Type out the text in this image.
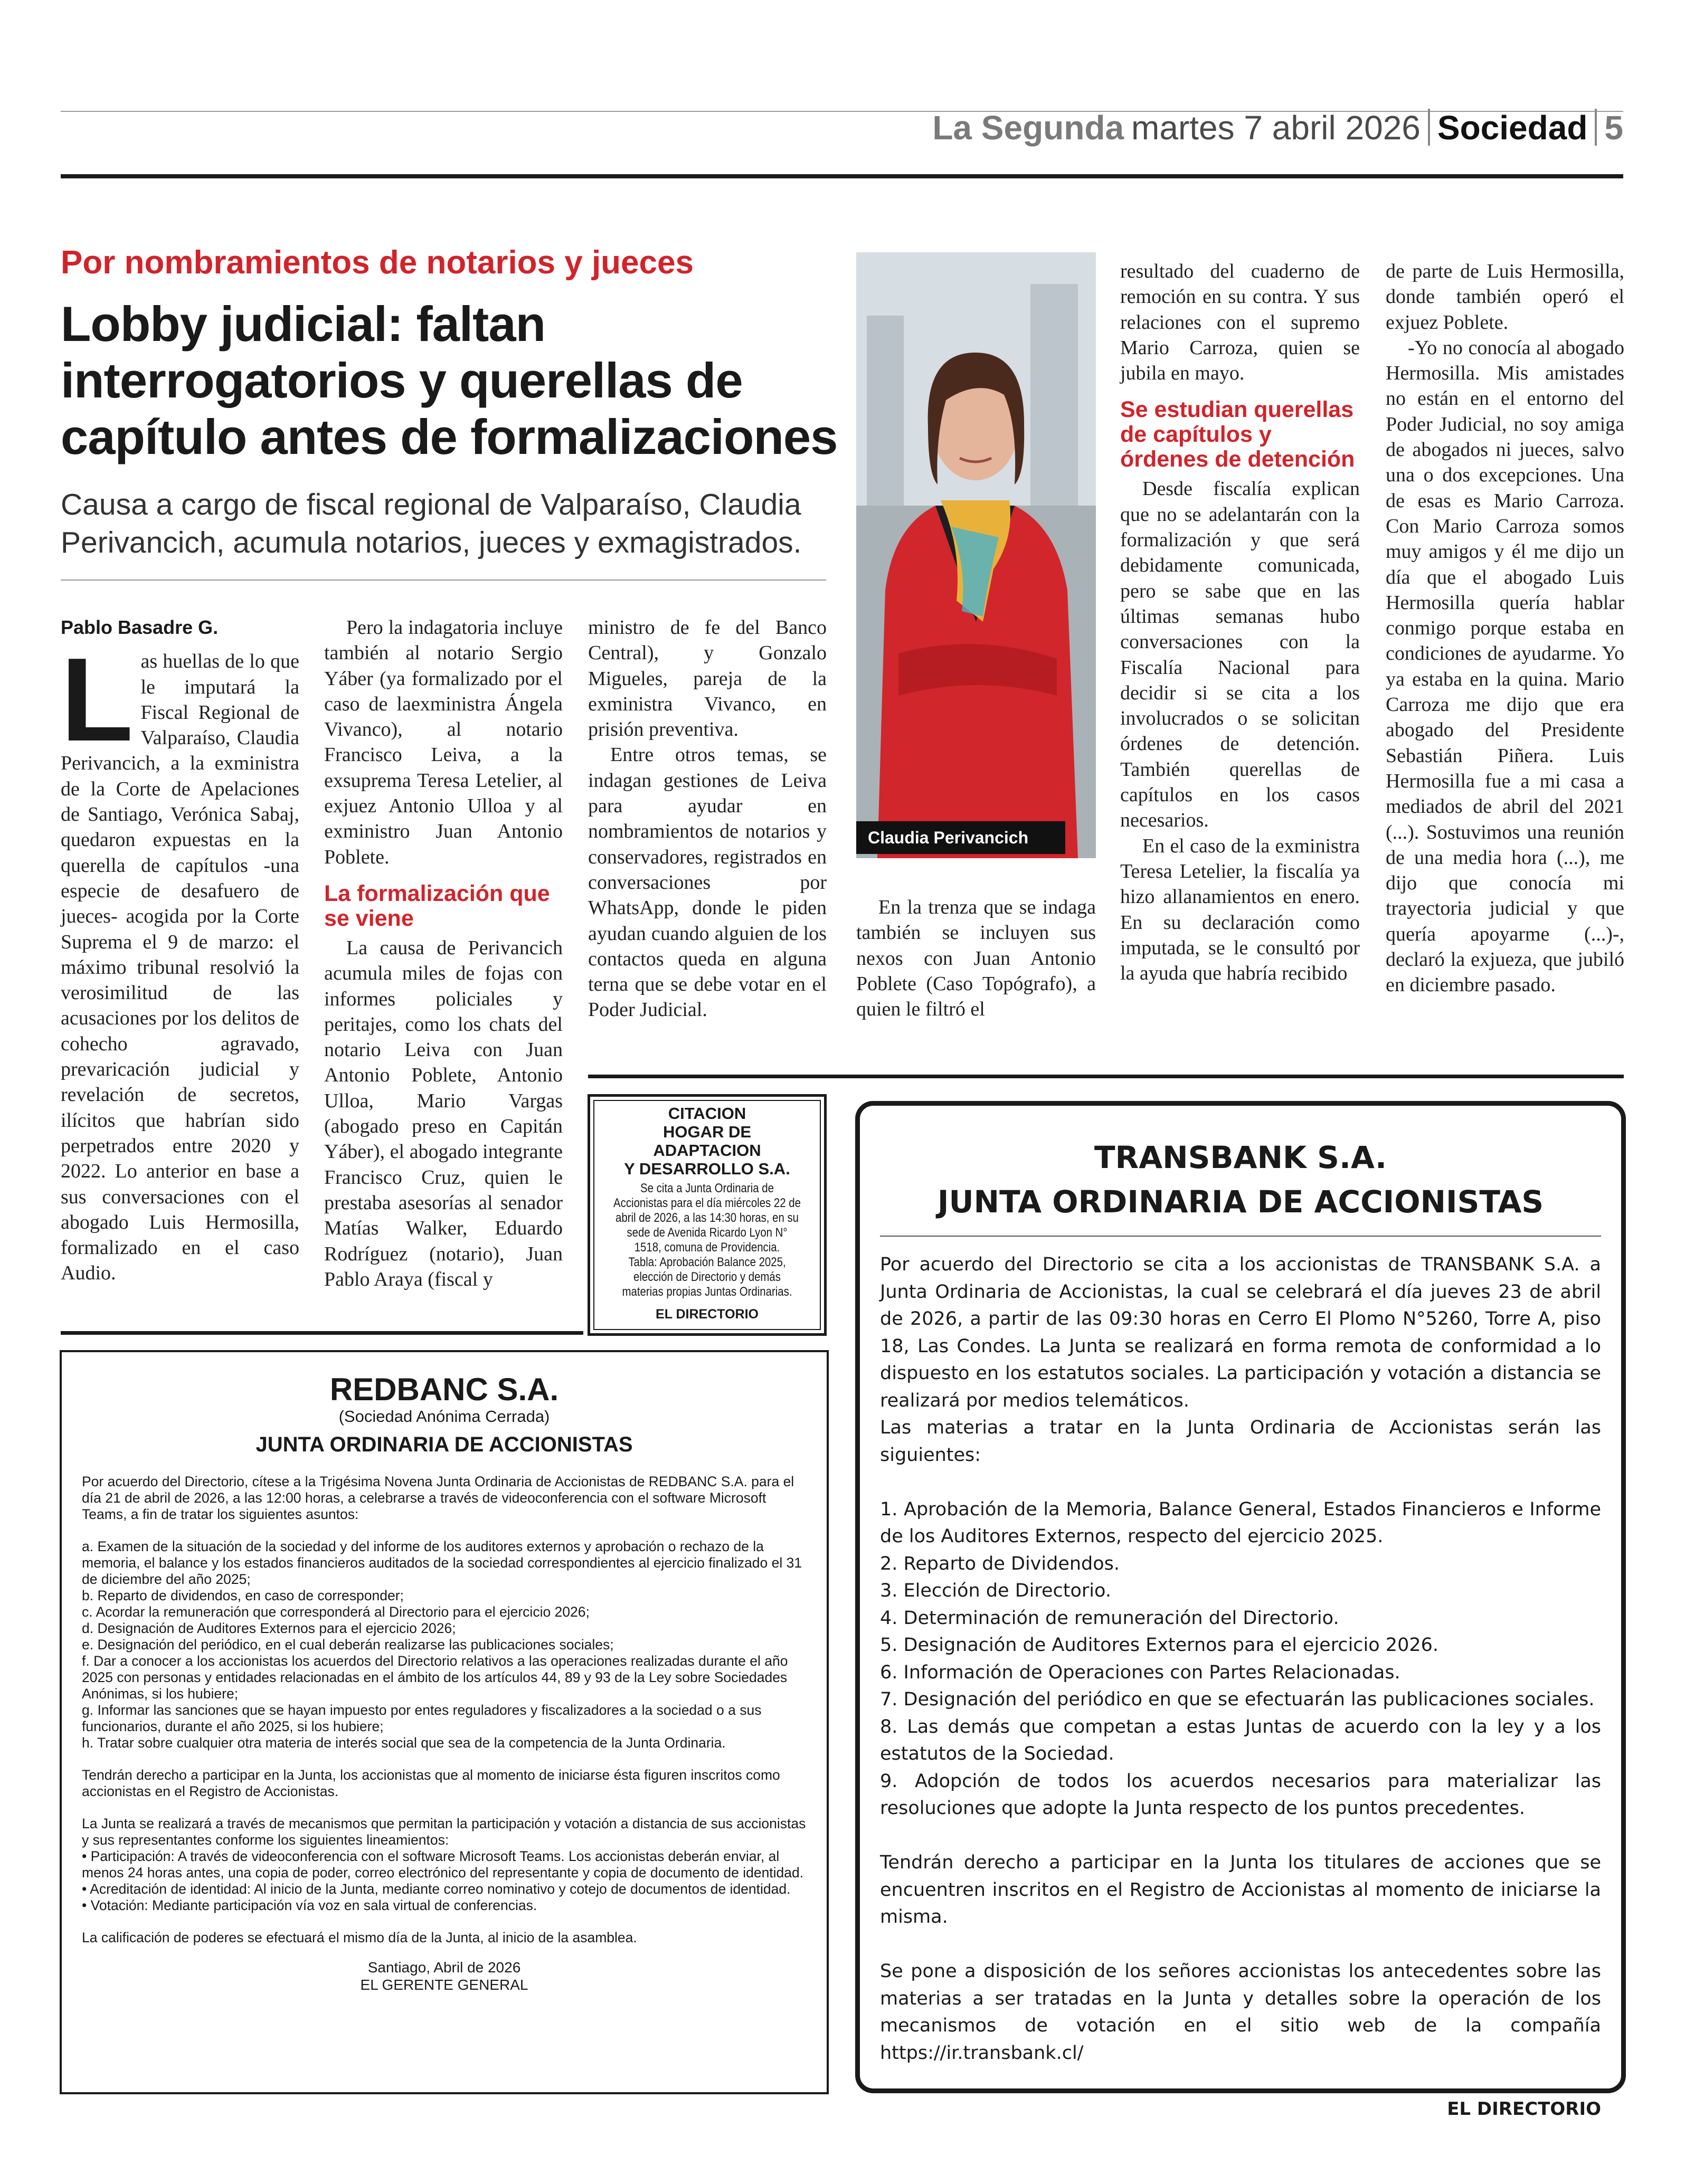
La Segunda martes 7 abril 2026 Sociedad 5
Por nombramientos de notarios y jueces
Lobby judicial: faltan interrogatorios y querellas de capítulo antes de formalizaciones
Causa a cargo de fiscal regional de Valparaíso, Claudia Perivancich, acumula notarios, jueces y exmagistrados.

Pablo Basadre G.

Las huellas de lo que le imputará la Fiscal Regional de Valparaíso, Claudia Perivancich, a la exministra de la Corte de Apelaciones de Santiago, Verónica Sabaj, quedaron expuestas en la querella de capítulos -una especie de desafuero de jueces- acogida por la Corte Suprema el 9 de marzo: el máximo tribunal resolvió la verosimilitud de las acusaciones por los delitos de cohecho agravado, prevaricación judicial y revelación de secretos, ilícitos que habrían sido perpetrados entre 2020 y 2022. Lo anterior en base a sus conversaciones con el abogado Luis Hermosilla, formalizado en el caso Audio.

Pero la indagatoria incluye también al notario Sergio Yáber (ya formalizado por el caso de laexministra Ángela Vivanco), al notario Francisco Leiva, a la exsuprema Teresa Letelier, al exjuez Antonio Ulloa y al exministro Juan Antonio Poblete.

La formalización que se viene

La causa de Perivancich acumula miles de fojas con informes policiales y peritajes, como los chats del notario Leiva con Juan Antonio Poblete, Antonio Ulloa, Mario Vargas (abogado preso en Capitán Yáber), el abogado integrante Francisco Cruz, quien le prestaba asesorías al senador Matías Walker, Eduardo Rodríguez (notario), Juan Pablo Araya (fiscal y

ministro de fe del Banco Central), y Gonzalo Migueles, pareja de la exministra Vivanco, en prisión preventiva.

Entre otros temas, se indagan gestiones de Leiva para ayudar en nombramientos de notarios y conservadores, registrados en conversaciones por WhatsApp, donde le piden ayudan cuando alguien de los contactos queda en alguna terna que se debe votar en el Poder Judicial.

Claudia Perivancich

En la trenza que se indaga también se incluyen sus nexos con Juan Antonio Poblete (Caso Topógrafo), a quien le filtró el

resultado del cuaderno de remoción en su contra. Y sus relaciones con el supremo Mario Carroza, quien se jubila en mayo.

Se estudian querellas de capítulos y órdenes de detención

Desde fiscalía explican que no se adelantarán con la formalización y que será debidamente comunicada, pero se sabe que en las últimas semanas hubo conversaciones con la Fiscalía Nacional para decidir si se cita a los involucrados o se solicitan órdenes de detención. También querellas de capítulos en los casos necesarios.

En el caso de la exministra Teresa Letelier, la fiscalía ya hizo allanamientos en enero. En su declaración como imputada, se le consultó por la ayuda que habría recibido

de parte de Luis Hermosilla, donde también operó el exjuez Poblete.

-Yo no conocía al abogado Hermosilla. Mis amistades no están en el entorno del Poder Judicial, no soy amiga de abogados ni jueces, salvo una o dos excepciones. Una de esas es Mario Carroza. Con Mario Carroza somos muy amigos y él me dijo un día que el abogado Luis Hermosilla quería hablar conmigo porque estaba en condiciones de ayudarme. Yo ya estaba en la quina. Mario Carroza me dijo que era abogado del Presidente Sebastián Piñera. Luis Hermosilla fue a mi casa a mediados de abril del 2021 (...). Sostuvimos una reunión de una media hora (...), me dijo que conocía mi trayectoria judicial y que quería apoyarme (...)-, declaró la exjueza, que jubiló en diciembre pasado.

CITACION
HOGAR DE ADAPTACION
Y DESARROLLO S.A.
Se cita a Junta Ordinaria de Accionistas para el día miércoles 22 de abril de 2026, a las 14:30 horas, en su sede de Avenida Ricardo Lyon N° 1518, comuna de Providencia.
Tabla: Aprobación Balance 2025, elección de Directorio y demás materias propias Juntas Ordinarias.
EL DIRECTORIO
REDBANC S.A.
(Sociedad Anónima Cerrada)
JUNTA ORDINARIA DE ACCIONISTAS

Por acuerdo del Directorio, cítese a la Trigésima Novena Junta Ordinaria de Accionistas de REDBANC S.A. para el día 21 de abril de 2026, a las 12:00 horas, a celebrarse a través de videoconferencia con el software Microsoft Teams, a fin de tratar los siguientes asuntos:

a. Examen de la situación de la sociedad y del informe de los auditores externos y aprobación o rechazo de la memoria, el balance y los estados financieros auditados de la sociedad correspondientes al ejercicio finalizado el 31 de diciembre del año 2025;

b. Reparto de dividendos, en caso de corresponder;

c. Acordar la remuneración que corresponderá al Directorio para el ejercicio 2026;

d. Designación de Auditores Externos para el ejercicio 2026;

e. Designación del periódico, en el cual deberán realizarse las publicaciones sociales;

f. Dar a conocer a los accionistas los acuerdos del Directorio relativos a las operaciones realizadas durante el año 2025 con personas y entidades relacionadas en el ámbito de los artículos 44, 89 y 93 de la Ley sobre Sociedades Anónimas, si los hubiere;

g. Informar las sanciones que se hayan impuesto por entes reguladores y fiscalizadores a la sociedad o a sus funcionarios, durante el año 2025, si los hubiere;

h. Tratar sobre cualquier otra materia de interés social que sea de la competencia de la Junta Ordinaria.

Tendrán derecho a participar en la Junta, los accionistas que al momento de iniciarse ésta figuren inscritos como accionistas en el Registro de Accionistas.

La Junta se realizará a través de mecanismos que permitan la participación y votación a distancia de sus accionistas y sus representantes conforme los siguientes lineamientos:

• Participación: A través de videoconferencia con el software Microsoft Teams. Los accionistas deberán enviar, al menos 24 horas antes, una copia de poder, correo electrónico del representante y copia de documento de identidad.

• Acreditación de identidad: Al inicio de la Junta, mediante correo nominativo y cotejo de documentos de identidad.

• Votación: Mediante participación vía voz en sala virtual de conferencias.

La calificación de poderes se efectuará el mismo día de la Junta, al inicio de la asamblea.

Santiago, Abril de 2026
EL GERENTE GENERAL
TRANSBANK S.A.
JUNTA ORDINARIA DE ACCIONISTAS

Por acuerdo del Directorio se cita a los accionistas de TRANSBANK S.A. a Junta Ordinaria de Accionistas, la cual se celebrará el día jueves 23 de abril de 2026, a partir de las 09:30 horas en Cerro El Plomo N°5260, Torre A, piso 18, Las Condes. La Junta se realizará en forma remota de conformidad a lo dispuesto en los estatutos sociales. La participación y votación a distancia se realizará por medios telemáticos.

Las materias a tratar en la Junta Ordinaria de Accionistas serán las siguientes:

1. Aprobación de la Memoria, Balance General, Estados Financieros e Informe de los Auditores Externos, respecto del ejercicio 2025.

2. Reparto de Dividendos.

3. Elección de Directorio.

4. Determinación de remuneración del Directorio.

5. Designación de Auditores Externos para el ejercicio 2026.

6. Información de Operaciones con Partes Relacionadas.

7. Designación del periódico en que se efectuarán las publicaciones sociales.

8. Las demás que competan a estas Juntas de acuerdo con la ley y a los estatutos de la Sociedad.

9. Adopción de todos los acuerdos necesarios para materializar las resoluciones que adopte la Junta respecto de los puntos precedentes.

Tendrán derecho a participar en la Junta los titulares de acciones que se encuentren inscritos en el Registro de Accionistas al momento de iniciarse la misma.

Se pone a disposición de los señores accionistas los antecedentes sobre las materias a ser tratadas en la Junta y detalles sobre la operación de los mecanismos de votación en el sitio web de la compañía https://ir.transbank.cl/

EL DIRECTORIO
